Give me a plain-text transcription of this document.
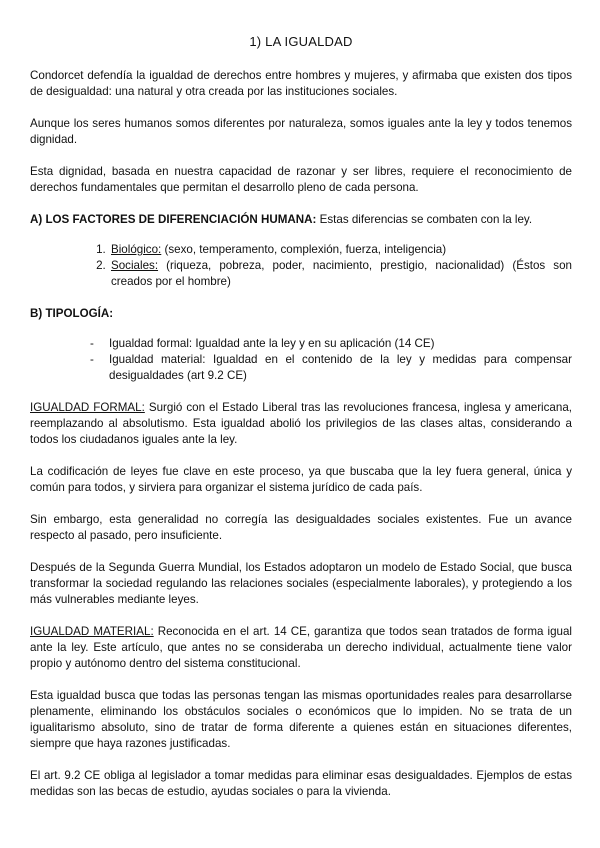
1) LA IGUALDAD

Condorcet defendía la igualdad de derechos entre hombres y mujeres, y afirmaba que existen dos tipos de desigualdad: una natural y otra creada por las instituciones sociales.

Aunque los seres humanos somos diferentes por naturaleza, somos iguales ante la ley y todos tenemos dignidad.

Esta dignidad, basada en nuestra capacidad de razonar y ser libres, requiere el reconocimiento de derechos fundamentales que permitan el desarrollo pleno de cada persona.

A) LOS FACTORES DE DIFERENCIACIÓN HUMANA: Estas diferencias se combaten con la ley.

1. Biológico: (sexo, temperamento, complexión, fuerza, inteligencia)
2. Sociales: (riqueza, pobreza, poder, nacimiento, prestigio, nacionalidad) (Éstos son creados por el hombre)

B) TIPOLOGÍA:

- Igualdad formal: Igualdad ante la ley y en su aplicación (14 CE)
- Igualdad material: Igualdad en el contenido de la ley y medidas para compensar desigualdades (art 9.2 CE)

IGUALDAD FORMAL: Surgió con el Estado Liberal tras las revoluciones francesa, inglesa y americana, reemplazando al absolutismo. Esta igualdad abolió los privilegios de las clases altas, considerando a todos los ciudadanos iguales ante la ley.

La codificación de leyes fue clave en este proceso, ya que buscaba que la ley fuera general, única y común para todos, y sirviera para organizar el sistema jurídico de cada país.

Sin embargo, esta generalidad no corregía las desigualdades sociales existentes. Fue un avance respecto al pasado, pero insuficiente.

Después de la Segunda Guerra Mundial, los Estados adoptaron un modelo de Estado Social, que busca transformar la sociedad regulando las relaciones sociales (especialmente laborales), y protegiendo a los más vulnerables mediante leyes.

IGUALDAD MATERIAL: Reconocida en el art. 14 CE, garantiza que todos sean tratados de forma igual ante la ley. Este artículo, que antes no se consideraba un derecho individual, actualmente tiene valor propio y autónomo dentro del sistema constitucional.

Esta igualdad busca que todas las personas tengan las mismas oportunidades reales para desarrollarse plenamente, eliminando los obstáculos sociales o económicos que lo impiden. No se trata de un igualitarismo absoluto, sino de tratar de forma diferente a quienes están en situaciones diferentes, siempre que haya razones justificadas.

El art. 9.2 CE obliga al legislador a tomar medidas para eliminar esas desigualdades. Ejemplos de estas medidas son las becas de estudio, ayudas sociales o para la vivienda.
